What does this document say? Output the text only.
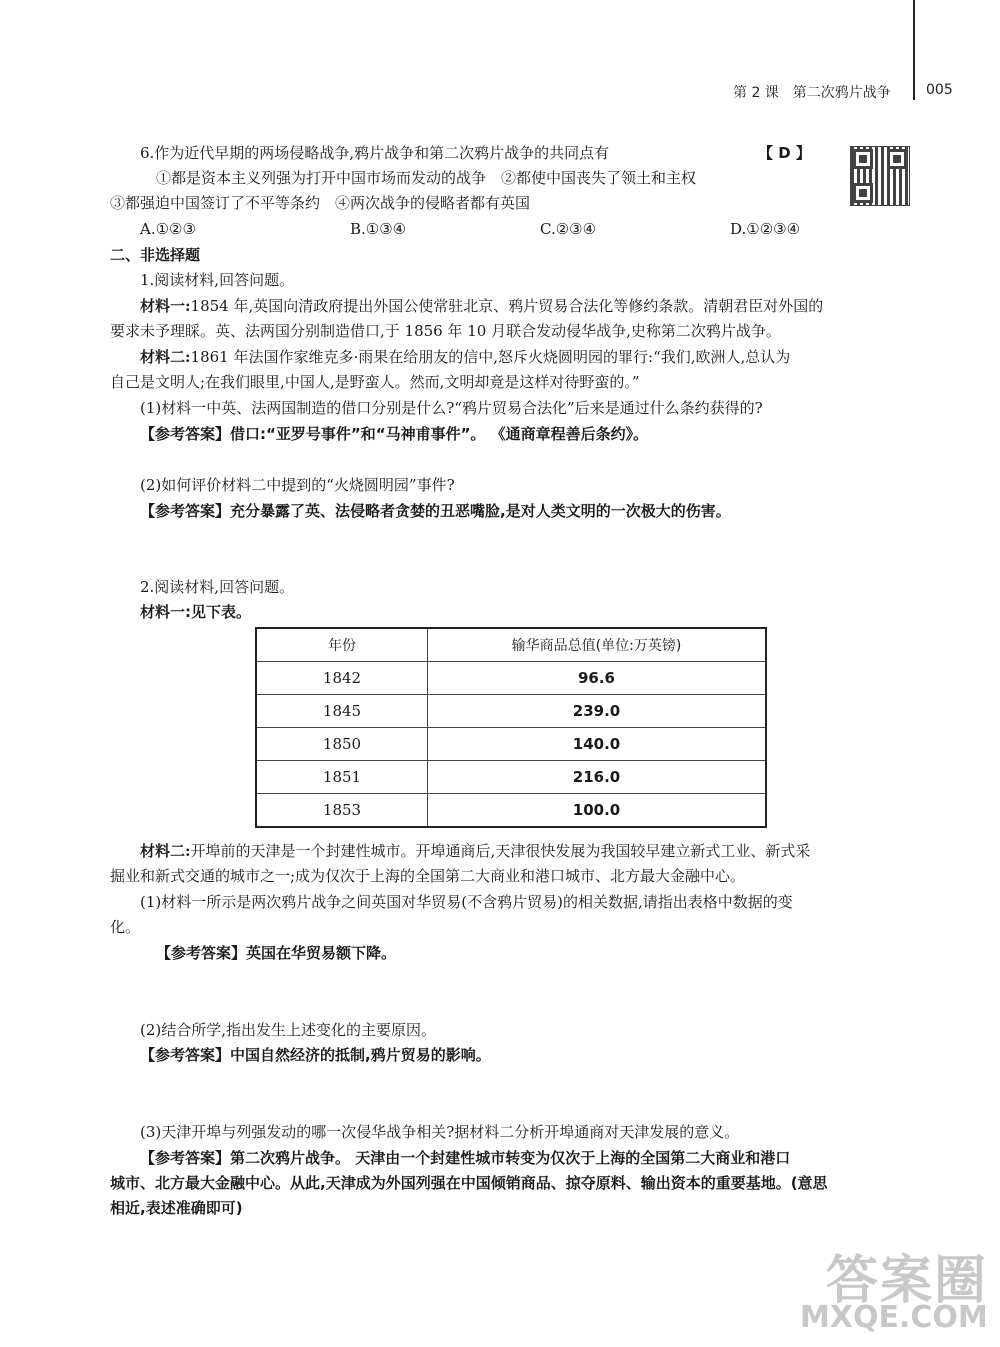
第 2 课　第二次鸦片战争	005
6.作为近代早期的两场侵略战争,鸦片战争和第二次鸦片战争的共同点有	【 D 】
①都是资本主义列强为打开中国市场而发动的战争　②都使中国丧失了领土和主权
③都强迫中国签订了不平等条约　④两次战争的侵略者都有英国
A.①②③	B.①③④	C.②③④	D.①②③④
二、非选择题
1.阅读材料,回答问题。
材料一:1854 年,英国向清政府提出外国公使常驻北京、鸦片贸易合法化等修约条款。清朝君臣对外国的
要求未予理睬。英、法两国分别制造借口,于 1856 年 10 月联合发动侵华战争,史称第二次鸦片战争。
材料二:1861 年法国作家维克多·雨果在给朋友的信中,怒斥火烧圆明园的罪行:“我们,欧洲人,总认为
自己是文明人;在我们眼里,中国人,是野蛮人。然而,文明却竟是这样对待野蛮的。”
(1)材料一中英、法两国制造的借口分别是什么?“鸦片贸易合法化”后来是通过什么条约获得的?
【参考答案】借口:“亚罗号事件”和“马神甫事件”。 《通商章程善后条约》。
(2)如何评价材料二中提到的“火烧圆明园”事件?
【参考答案】充分暴露了英、法侵略者贪婪的丑恶嘴脸,是对人类文明的一次极大的伤害。
2.阅读材料,回答问题。
材料一:见下表。
年份	输华商品总值(单位:万英镑)
1842	96.6
1845	239.0
1850	140.0
1851	216.0
1853	100.0
材料二:开埠前的天津是一个封建性城市。开埠通商后,天津很快发展为我国较早建立新式工业、新式采
掘业和新式交通的城市之一;成为仅次于上海的全国第二大商业和港口城市、北方最大金融中心。
(1)材料一所示是两次鸦片战争之间英国对华贸易(不含鸦片贸易)的相关数据,请指出表格中数据的变
化。
【参考答案】英国在华贸易额下降。
(2)结合所学,指出发生上述变化的主要原因。
【参考答案】中国自然经济的抵制,鸦片贸易的影响。
(3)天津开埠与列强发动的哪一次侵华战争相关?据材料二分析开埠通商对天津发展的意义。
【参考答案】第二次鸦片战争。 天津由一个封建性城市转变为仅次于上海的全国第二大商业和港口
城市、北方最大金融中心。从此,天津成为外国列强在中国倾销商品、掠夺原料、输出资本的重要基地。(意思
相近,表述准确即可)
答案圈
MXQE.COM
